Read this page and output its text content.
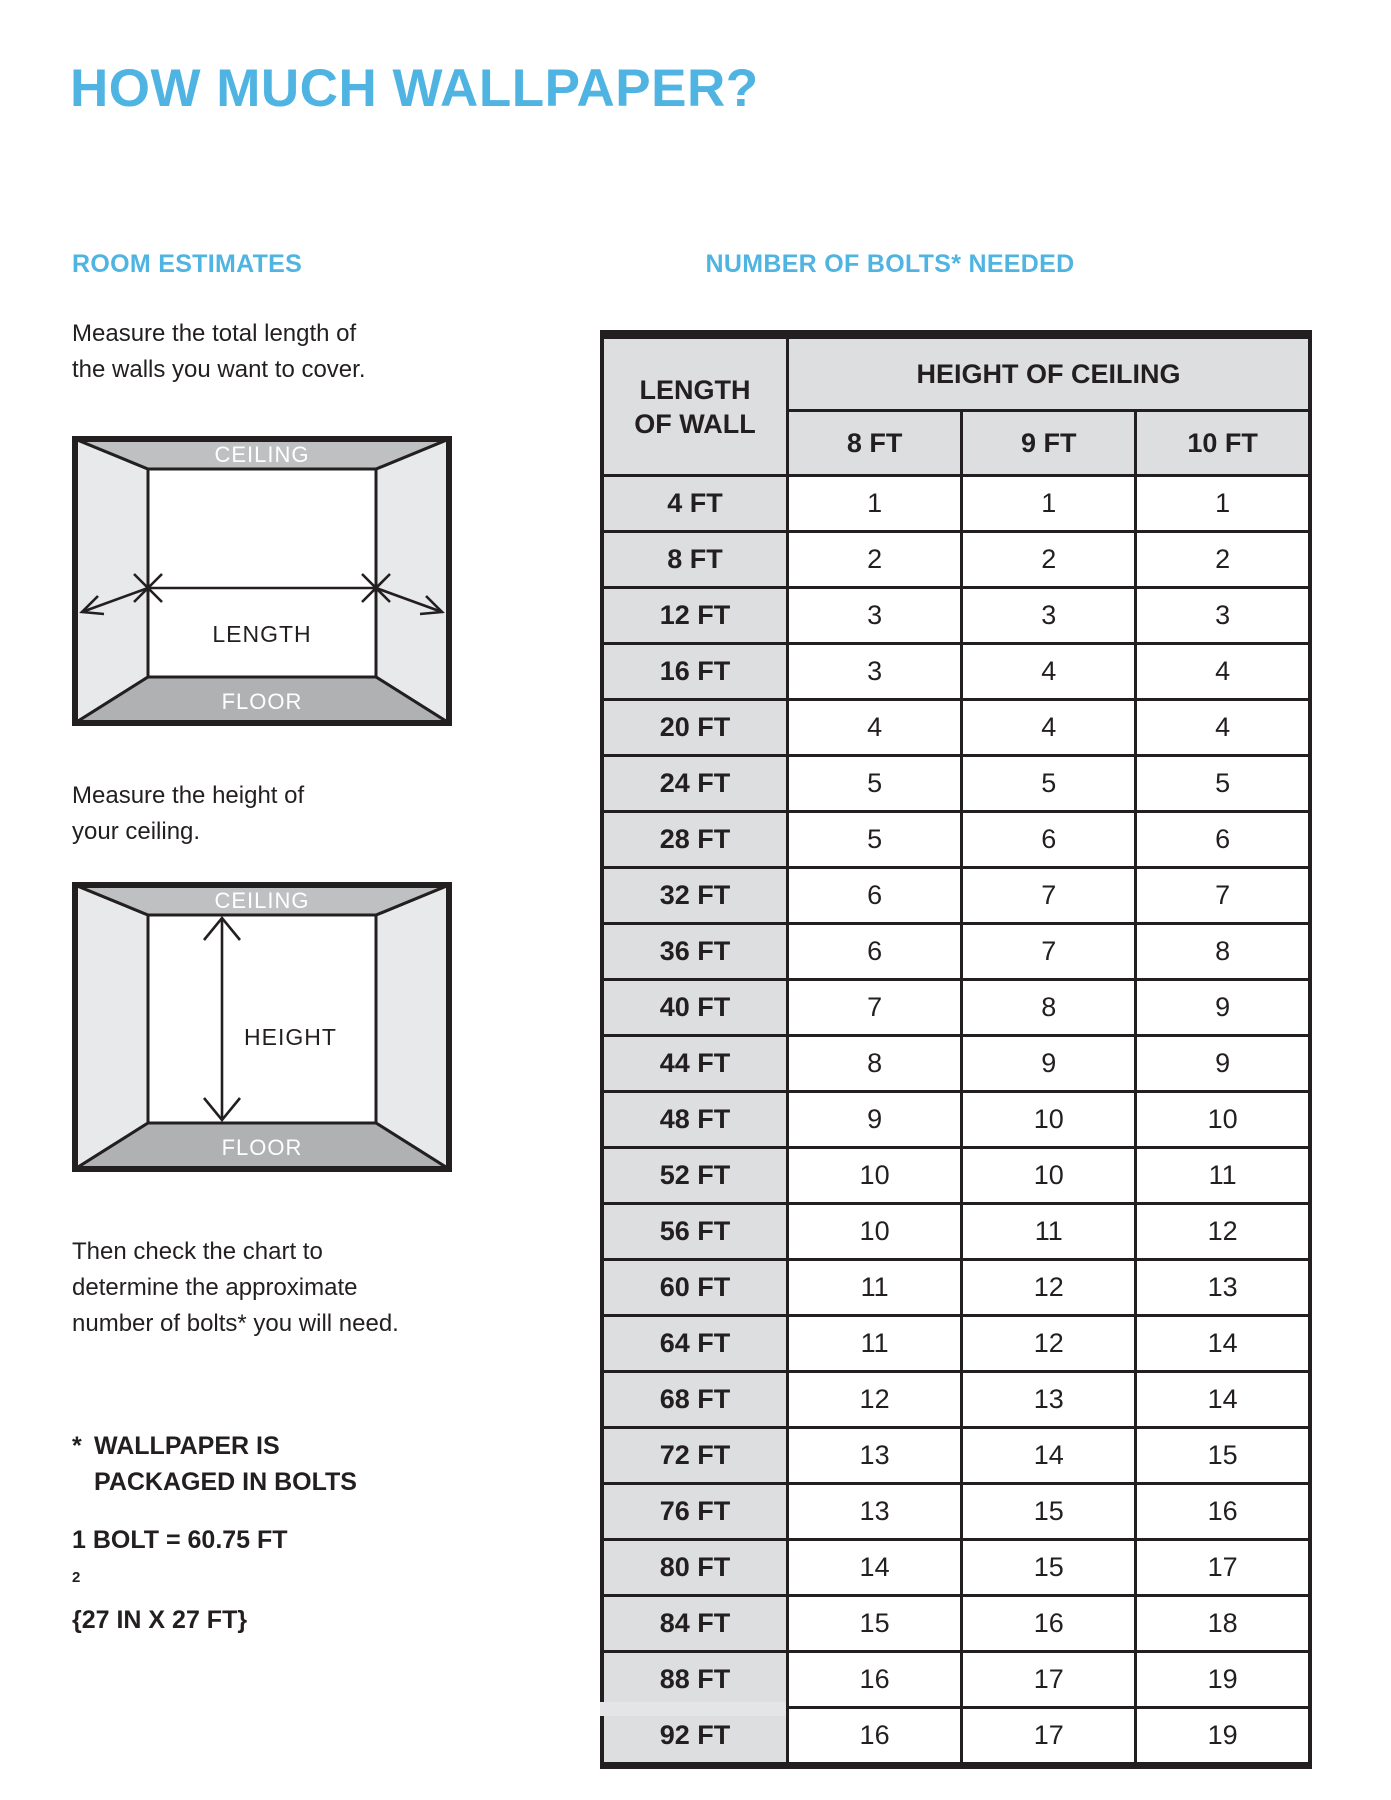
HOW MUCH WALLPAPER?
ROOM ESTIMATES

Measure the total length of
the walls you want to cover.

CEILING
FLOOR
LENGTH

Measure the height of
your ceiling.

CEILING
FLOOR
HEIGHT

Then check the chart to
determine the approximate
number of bolts* you will need.

* WALLPAPER IS
PACKAGED IN BOLTS
1 BOLT = 60.75 FT
$^2$
{27 IN X 27 FT}
NUMBER OF BOLTS* NEEDED
LENGTH
OF WALL	HEIGHT OF CEILING		
	8 FT	9 FT	10 FT
4 FT	1	1	1
8 FT	2	2	2
12 FT	3	3	3
16 FT	3	4	4
20 FT	4	4	4
24 FT	5	5	5
28 FT	5	6	6
32 FT	6	7	7
36 FT	6	7	8
40 FT	7	8	9
44 FT	8	9	9
48 FT	9	10	10
52 FT	10	10	11
56 FT	10	11	12
60 FT	11	12	13
64 FT	11	12	14
68 FT	12	13	14
72 FT	13	14	15
76 FT	13	15	16
80 FT	14	15	17
84 FT	15	16	18
88 FT	16	17	19
92 FT	16	17	19
